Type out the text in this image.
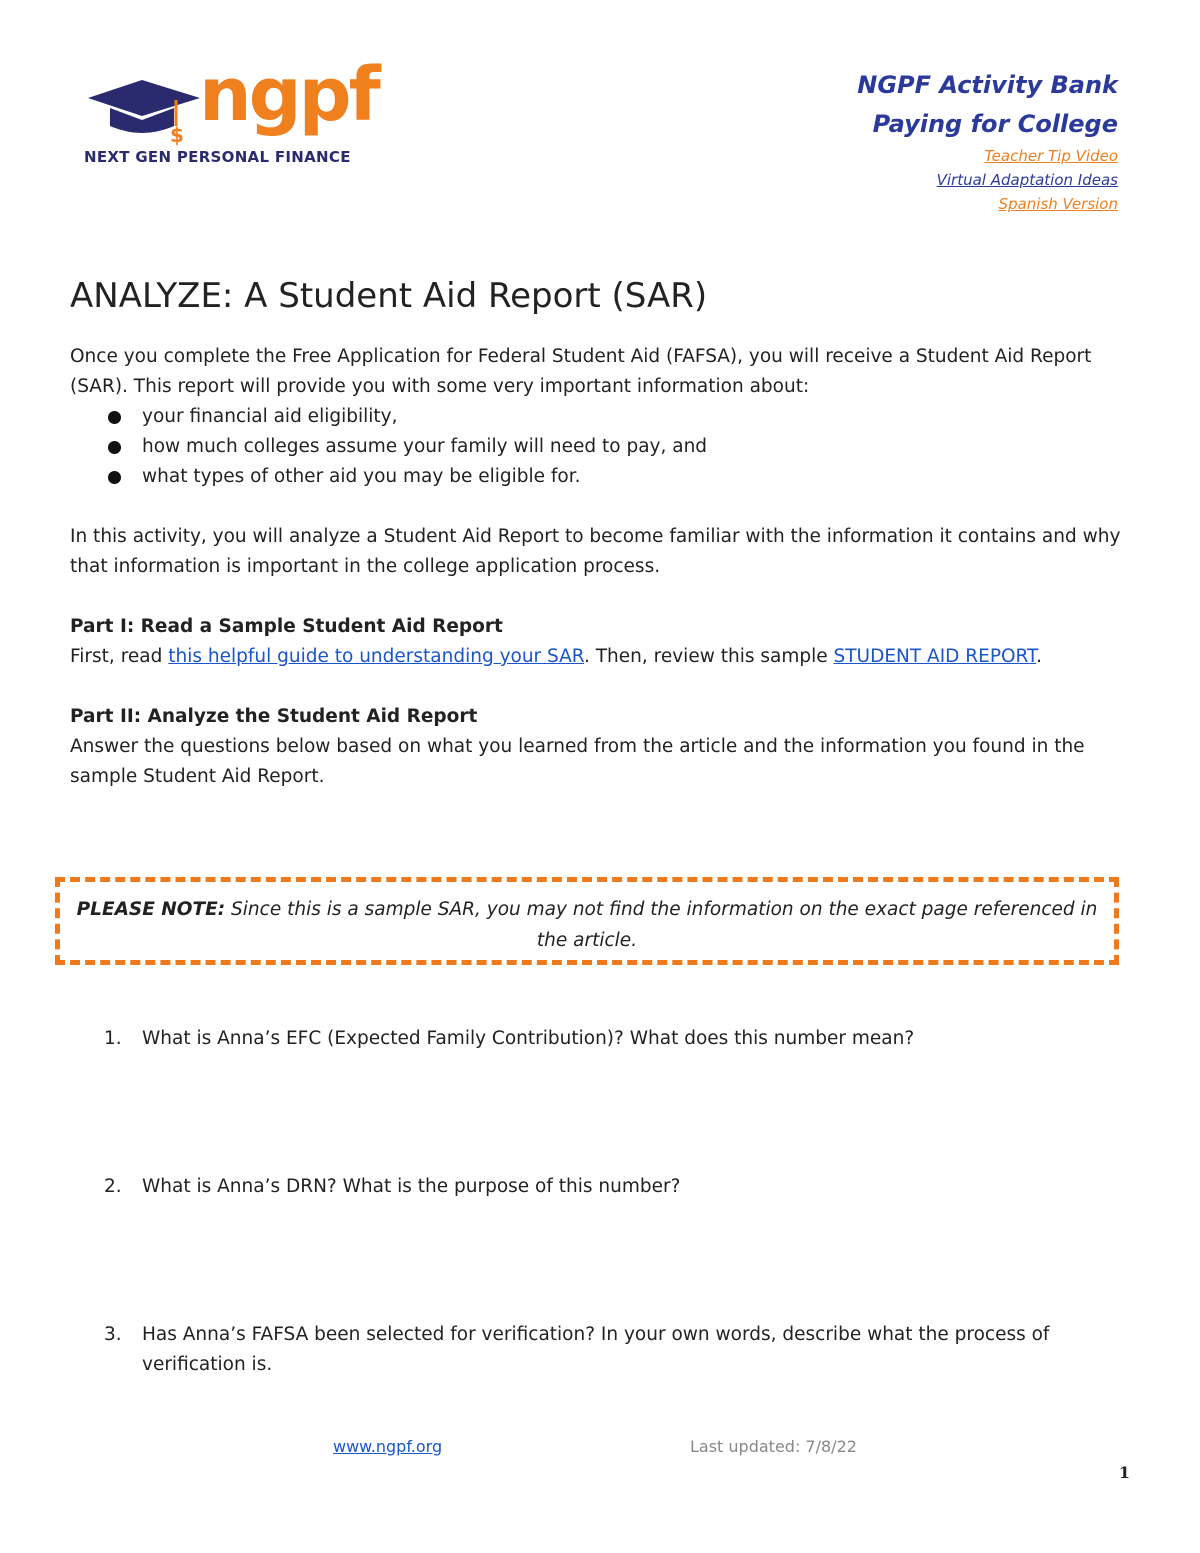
$ ngpf
NEXT GEN PERSONAL FINANCE
NGPF Activity Bank
Paying for College
Teacher Tip Video
Virtual Adaptation Ideas
Spanish Version
ANALYZE: A Student Aid Report (SAR)

Once you complete the Free Application for Federal Student Aid (FAFSA), you will receive a Student Aid Report (SAR). This report will provide you with some very important information about:

your financial aid eligibility,
how much colleges assume your family will need to pay, and
what types of other aid you may be eligible for.

In this activity, you will analyze a Student Aid Report to become familiar with the information it contains and why that information is important in the college application process.

Part I: Read a Sample Student Aid Report

First, read this helpful guide to understanding your SAR. Then, review this sample STUDENT AID REPORT.

Part II: Analyze the Student Aid Report

Answer the questions below based on what you learned from the article and the information you found in the sample Student Aid Report.

PLEASE NOTE: Since this is a sample SAR, you may not find the information on the exact page referenced in the article.
1. What is Anna’s EFC (Expected Family Contribution)? What does this number mean?
2. What is Anna’s DRN? What is the purpose of this number?
3. Has Anna’s FAFSA been selected for verification? In your own words, describe what the process of verification is.
www.ngpf.org	Last updated: 7/8/22
1
